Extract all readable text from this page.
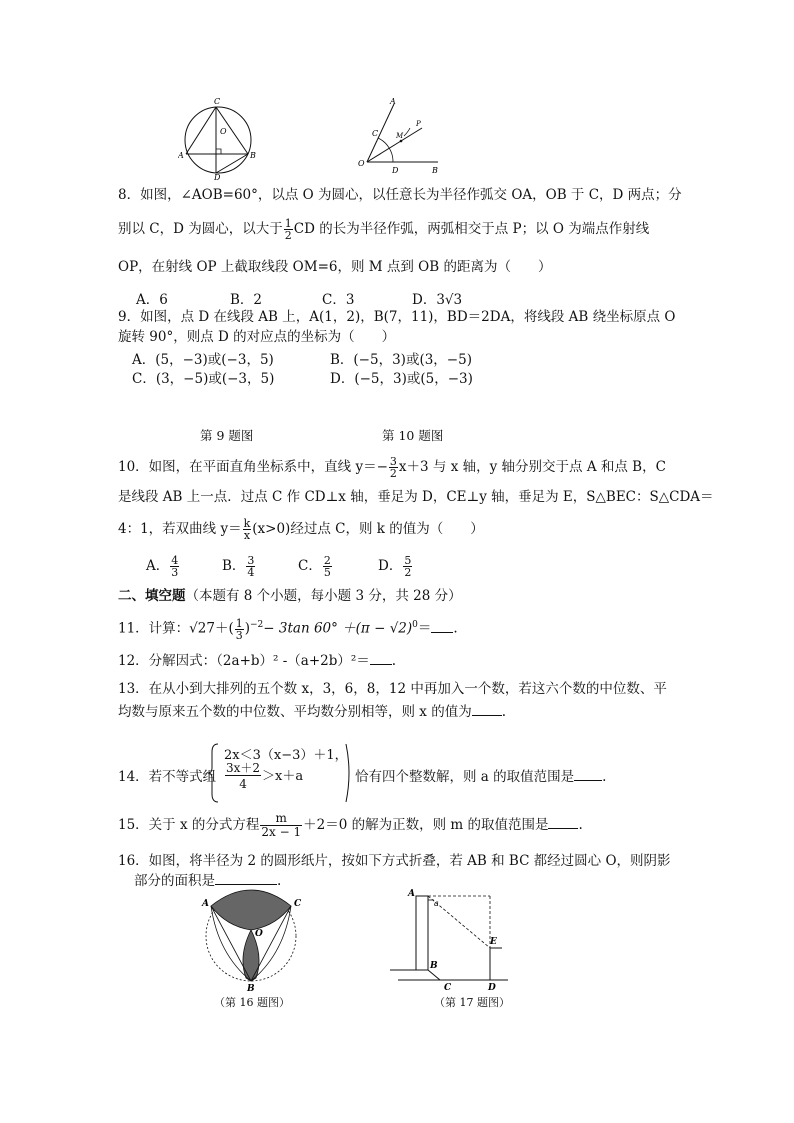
C
O
A	B
D
A
C	M
P
O
D	B
8．如图，∠AOB=60°，以点 O 为圆心，以任意长为半径作弧交 OA，OB 于 C，D 两点；分
别以 C，D 为圆心，以大于 $\frac{1}{2}$ CD 的长为半径作弧，两弧相交于点 P；以 O 为端点作射线
OP，在射线 OP 上截取线段 OM=6，则 M 点到 OB 的距离为（　　）
A．6	B．2	C．3	D．3√3
9．如图，点 D 在线段 AB 上，A(1，2)，B(7，11)，BD＝2DA，将线段 AB 绕坐标原点 O
旋转 90°，则点 D 的对应点的坐标为（　　）
A．(5，−3)或(−3，5)	B．(−5，3)或(3，−5)
C．(3，−5)或(−3，5)	D．(−5，3)或(5，−3)
第 9 题图	第 10 题图
10．如图，在平面直角坐标系中，直线 $y=- \frac{3}{2} x+3$ 与 x 轴，y 轴分别交于点 A 和点 B，C
是线段 AB 上一点．过点 C 作 CD⊥x 轴，垂足为 D，CE⊥y 轴，垂足为 E，S△BEC：S△CDA＝
4：1，若双曲线 $y= \frac{k}{x} (x>0)$经过点 C，则 k 的值为（　　）
A． $\frac{4}{3}$	B． $\frac{3}{4}$	C． $\frac{2}{5}$	D． $\frac{5}{2}$
二、填空题（本题有 8 个小题，每小题 3 分，共 28 分）
11．计算：$√27+( \frac{1}{3} )^{-2}- 3\tan$ $60^\circ +(\pi - √2)^0=$ .
12．分解因式：（2a+b）² -（a+2b）²＝ .
13．在从小到大排列的五个数 x，3，6，8，12 中再加入一个数，若这六个数的中位数、平
均数与原来五个数的中位数、平均数分别相等，则 x 的值为 .
14．若不等式组
2x＜3（x−3）＋1，
$\frac{3x+2}{4} >x+a$	恰有四个整数解，则 a 的取值范围是 .
15．关于 x 的分式方程 $\frac{m}{2x - 1} +2=0$ 的解为正数，则 m 的取值范围是 .
16．如图，将半径为 2 的圆形纸片，按如下方式折叠，若 AB 和 BC 都经过圆心 O，则阴影
部分的面积是	.
A	C
O
B
（第 16 题图）
A
a
E
B
C	D
（第 17 题图）
